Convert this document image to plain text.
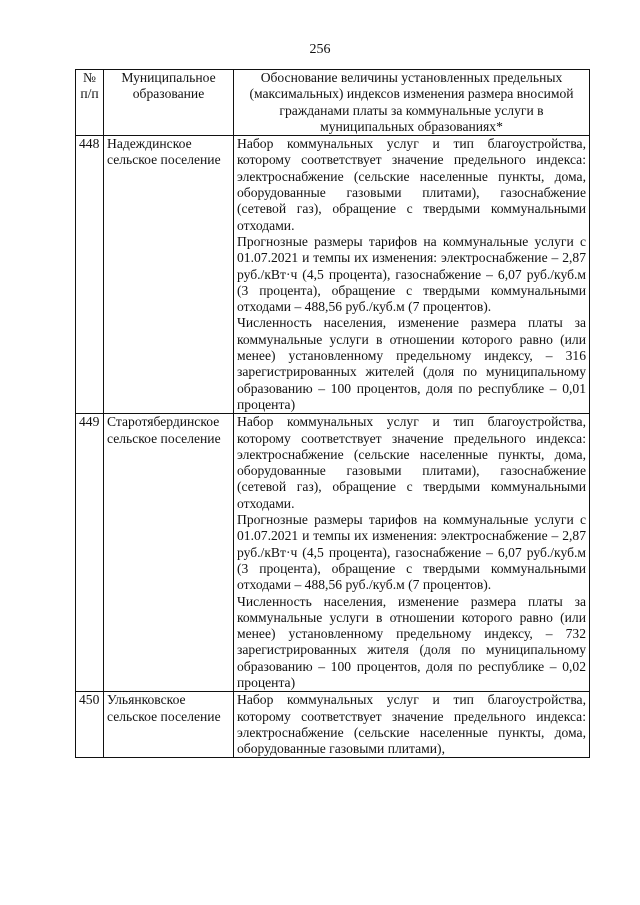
256
№ п/п	Муниципальное образование	Обоснование величины установленных предельных (максимальных) индексов изменения размера вносимой гражданами платы за коммунальные услуги в муниципальных образованиях*
448	Надеждинское сельское поселение	Набор коммунальных услуг и тип благоустройства, которому соответствует значение предельного индекса: электроснабжение (сельские населенные пункты, дома, оборудованные газовыми плитами), газоснабжение (сетевой газ), обращение с твердыми коммунальными отходами.
Прогнозные размеры тарифов на коммунальные услуги с 01.07.2021 и темпы их изменения: электроснабжение – 2,87 руб./кВт·ч (4,5 процента), газоснабжение – 6,07 руб./куб.м (3 процента), обращение с твердыми коммунальными отходами – 488,56 руб./куб.м (7 процентов).
Численность населения, изменение размера платы за коммунальные услуги в отношении которого равно (или менее) установленному предельному индексу, – 316 зарегистрированных жителей (доля по муниципальному образованию – 100 процентов, доля по республике – 0,01 процента)

449	Старотябердинское сельское поселение	Набор коммунальных услуг и тип благоустройства, которому соответствует значение предельного индекса: электроснабжение (сельские населенные пункты, дома, оборудованные газовыми плитами), газоснабжение (сетевой газ), обращение с твердыми коммунальными отходами.
Прогнозные размеры тарифов на коммунальные услуги с 01.07.2021 и темпы их изменения: электроснабжение – 2,87 руб./кВт·ч (4,5 процента), газоснабжение – 6,07 руб./куб.м (3 процента), обращение с твердыми коммунальными отходами – 488,56 руб./куб.м (7 процентов).
Численность населения, изменение размера платы за коммунальные услуги в отношении которого равно (или менее) установленному предельному индексу, – 732 зарегистрированных жителя (доля по муниципальному образованию – 100 процентов, доля по республике – 0,02 процента)

450	Ульянковское сельское поселение	Набор коммунальных услуг и тип благоустройства, которому соответствует значение предельного индекса: электроснабжение (сельские населенные пункты, дома, оборудованные газовыми плитами),
